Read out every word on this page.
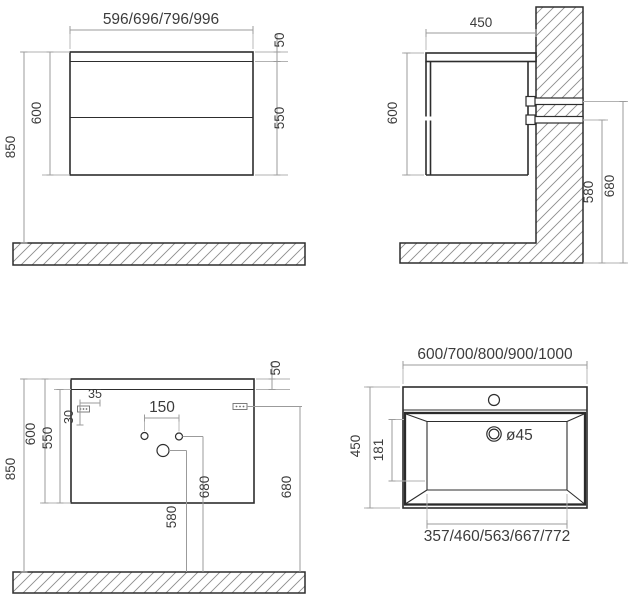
596/696/796/996
50
550
600
850
450
600
580 680
35
30
150
680
580
680
50
600 550
850
ø45
600/700/800/900/1000
450 181
357/460/563/667/772
